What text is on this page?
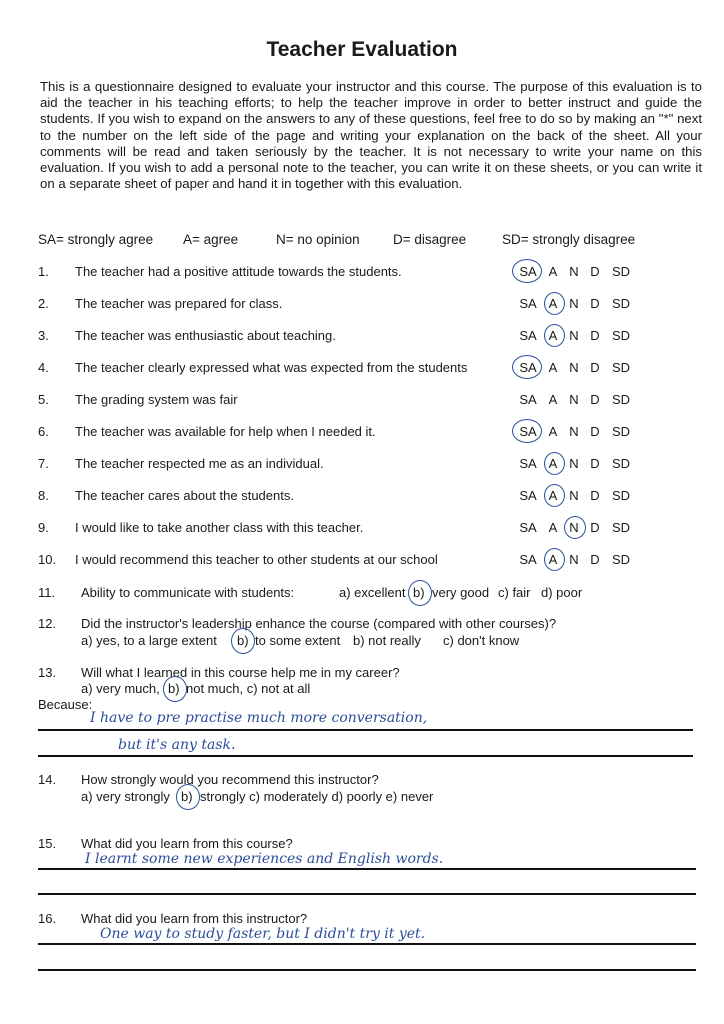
Teacher Evaluation
This is a questionnaire designed to evaluate your instructor and this course. The purpose of this evaluation is to aid the teacher in his teaching efforts; to help the teacher improve in order to better instruct and guide the students. If you wish to expand on the answers to any of these questions, feel free to do so by making an "*" next to the number on the left side of the page and writing your explanation on the back of the sheet. All your comments will be read and taken seriously by the teacher. It is not necessary to write your name on this evaluation. If you wish to add a personal note to the teacher, you can write it on these sheets, or you can write it on a separate sheet of paper and hand it in together with this evaluation.
SA= strongly agree A= agree	N= no opinion D= disagree	SD= strongly disagree
1. The teacher had a positive attitude towards the students.	SA A N D SD
2. The teacher was prepared for class.	SA A N D SD
3. The teacher was enthusiastic about teaching.	SA A N D SD
4. The teacher clearly expressed what was expected from the students	SA A N D SD
5. The grading system was fair	SA A N D SD
6. The teacher was available for help when I needed it.	SA A N D SD
7. The teacher respected me as an individual.	SA A N D SD
8. The teacher cares about the students.	SA A N D SD
9. I would like to take another class with this teacher.	SA A N D SD
10. I would recommend this teacher to other students at our school	SA A N D SD
11. Ability to communicate with students:	a) excellent b) very good c) fair d) poor
12. Did the instructor's leadership enhance the course (compared with other courses)?
a) yes, to a large extent b) to some extent b) not really c) don't know
13. Will what I learned in this course help me in my career?
a) very much, b) not much, c) not at all
Because:
I have to pre practise much more conversation,
but it's any task.
14. How strongly would you recommend this instructor?
a) very strongly b) strongly c) moderately d) poorly e) never
15. What did you learn from this course?
I learnt some new experiences and English words.
16. What did you learn from this instructor?
One way to study faster, but I didn't try it yet.
